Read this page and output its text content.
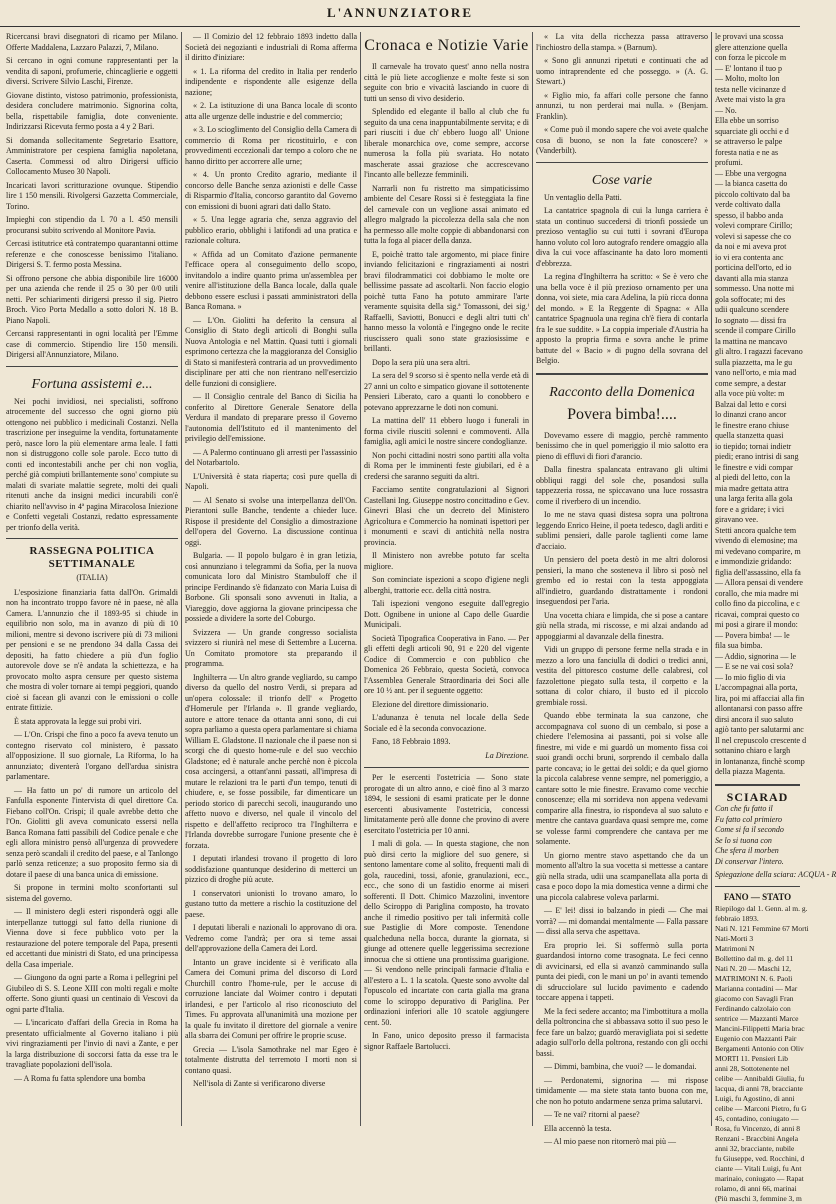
L'ANNUNZIATORE

Ricercansi bravi disegnatori di ricamo per Milano. Offerte Maddalena, Lazzaro Palazzi, 7, Milano.

Si cercano in ogni comune rappresentanti per la vendita di saponi, profumerie, chincaglierie e oggetti diversi. Scrivere Silvio Laschi, Firenze.

Giovane distinto, vistoso patrimonio, professionista, desidera concludere matrimonio. Signorina colta, bella, rispettabile famiglia, dote conveniente. Indirizzarsi Ricevuta fermo posta a 4 y 2 Bari.

Si domanda sollecitamente Segretario Esattore, Amministratore per cespiena famiglia napoletana, Caserta. Commessi od altro Dirigersi ufficio Collocamento Museo 30 Napoli.

Incaricati lavori scritturazione ovunque. Stipendio lire 1 150 mensili. Rivolgersi Gazzetta Commerciale, Torino.

Impieghi con stipendio da l. 70 a l. 450 mensili procuransi subito scrivendo al Monitore Pavia.

Cercasi istitutrice età contratempo quarantanni ottime referenze e che conoscesse benissimo l'italiano. Dirigersi S. T. fermo posta Messina.

Si offrono persone che abbia disponibile lire 16000 per una azienda che rende il 25 o 30 per 0/0 utili netti. Per schiarimenti dirigersi presso il sig. Pietro Broch. Vico Porta Medallo a sotto dolori N. 18 B. Piano Napoli.

Cercansi rappresentanti in ogni località per l'Emme case di commercio. Stipendio lire 150 mensili. Dirigersi all'Annunziatore, Milano.

Fortuna assistemi e...

Nei pochi invidiosi, nei specialisti, soffrono atrocemente del successo che ogni giorno più ottengono nei pubblico i medicinali Costanzi. Nella trascrizione per inseguirne la vendita, fortunatamente però, nasce loro la più elementare arma leale. I fatti non si distruggono colle sole parole. Ecco tutto di conti ed incontestabili anche per chi non voglia, perché già compiuti brillantemente sono' compiute su malati di svariate malattie segrete, molti dei quali ritenuti anche da insigni medici incurabili con'è chiarito nell'avviso in 4ª pagina Miracolosa Iniezione e Confetti vegetali Costanzi, redatto espressamente per trionfo della verità.

RASSEGNA POLITICA SETTIMANALE
(ITALIA)

L'esposizione finanziaria fatta dall'On. Grimaldi non ha incontrato troppo favore nè in paese, nè alla Camera. L'annunzio che il 1893-95 si chiude in equilibrio non solo, ma in avanzo di più di 10 milioni, mentre si devono iscrivere più di 73 milioni per pensioni e se ne prendono 34 dalla Cassa dei depositi, ha fatto chiedere a più d'un foglio autorevole dove se n'è andata la schiettezza, e ha provocato molto aspra censure per questo sistema che mostra di voler tornare ai tempi peggiori, quando cioè si facean gli avanzi con le emissioni o colle entrate fittizie.

È stata approvata la legge sui probi viri.

— L'On. Crispi che fino a poco fa aveva tenuto un contegno riservato col ministero, è passato all'opposizione. Il suo giornale, La Riforma, lo ha annunziato; diventerà l'organo dell'ardua sinistra parlamentare.

— Ha fatto un po' di rumore un articolo del Fanfulla esponente l'intervista di quel direttore Ca. Fiebano coll'On. Crispi; il quale avrebbe detto che l'On. Giolitti gli aveva comunicato essersi nella Banca Romana fatti passibili del Codice penale e che egli allora ministro pensò all'urgenza di provvedere senza però scandali il credito del paese, e al Tanlongo parlò senza reticenze; a suo proposito fermo sia di dotare il paese di una banca unica di emissione.

Si propone in termini molto sconfortanti sul sistema del governo.

— Il ministero degli esteri risponderà oggi alle interpellanze tuttoggi sul fatto della riunione di Vienna dove si fece pubblico voto per la restaurazione del potere temporale del Papa, presenti ed accettanti due ministri di Stato, ed una principessa della Casa imperiale.

— Giungono da ogni parte a Roma i pellegrini pel Giubileo di S. S. Leone XIII con molti regali e molte offerte. Sono giunti quasi un centinaio di Vescovi da ogni parte d'Italia.

— L'incaricato d'affari della Grecia in Roma ha presentato ufficialmente al Governo italiano i più vivi ringraziamenti per l'invio di navi a Zante, e per la larga distribuzione di soccorsi fatta da esse tra le travagliate popolazioni dell'isola.

— A Roma fu fatta splendore una bomba

— Il Comizio del 12 febbraio 1893 indetto dalla Società dei negozianti e industriali di Roma afferma il diritto d'iniziare:

« 1. La riforma del credito in Italia per renderlo indipendente e rispondente alle esigenze della nazione;

« 2. La istituzione di una Banca locale di sconto atta alle urgenze delle industrie e del commercio;

« 3. Lo scioglimento del Consiglio della Camera di commercio di Roma per ricostituirlo, e con provvedimenti eccezionali dar tempo a coloro che ne hanno diritto per accorrere alle urne;

« 4. Un pronto Credito agrario, mediante il concorso delle Banche senza azionisti e delle Casse di Risparmio d'Italia, concorso garantito dal Governo con emissioni di buoni agrari dati dallo Stato.

« 5. Una legge agraria che, senza aggravio del pubblico erario, obblighi i latifondi ad una pratica e razionale coltura.

« Affida ad un Comitato d'azione permanente l'efficace opera al conseguimento dello scopo, invitandolo a indire quanto prima un'assemblea per venire all'istituzione della Banca locale, dalla quale debbono essere esclusi i passati amministratori della Banca Romana. »

— L'On. Giolitti ha deferito la censura al Consiglio di Stato degli articoli di Bonghi sulla Nuova Antologia e nel Mattin. Quasi tutti i giornali esprimono certezza che la maggioranza del Consiglio di Stato si manifesterà contraria ad un provvedimento disciplinare per atti che non rientrano nell'esercizio delle funzioni di consigliere.

— Il Consiglio centrale del Banco di Sicilia ha conferito al Direttore Generale Senatore della Verdura il mandato di preparare presso il Governo l'autonomia dell'Istituto ed il mantenimento del privilegio dell'emissione.

— A Palermo continuano gli arresti per l'assassinio del Notarbartolo.

L'Università è stata riaperta; così pure quella di Napoli.

— Al Senato si svolse una interpellanza dell'On. Pierantoni sulle Banche, tendente a chieder luce. Rispose il presidente del Consiglio a dimostrazione dell'opera del Governo. La discussione continua oggi.

Bulgaria. — Il popolo bulgaro è in gran letizia, così annunziano i telegrammi da Sofia, per la nuova comunicata loro dal Ministro Stambuloff che il principe Ferdinando s'è fidanzato con Maria Luisa di Borbone. Gli sponsali sono avvenuti in Italia, a Viareggio, dove aggiorna la giovane principessa che possiede a dividere la sorte del Coburgo.

Svizzera — Un grande congresso socialista svizzero si riunirà nel mese di Settembre a Lucerna. Un Comitato promotore sta preparando il programma.

Inghilterra — Un altro grande vegliardo, su campo diverso da quello del nostro Verdi, si prepara ad un'opera colossale: il trionfo dell' « Progetto d'Homerule per l'Irlanda ». Il grande vegliardo, autore e attore tenace da ottanta anni sono, di cui sopra parliamo a questa opera parlamentare si chiama William E. Gladstone. Il nazionale che il paese non si scorgi che di questo home-rule e del suo vecchio Gladstone; ed è naturale anche perchè non è piccola cosa accingersi, a ottant'anni passati, all'impresa di mutare le relazioni tra le parti d'un tempo, tenuti di chiudere, e, se fosse possibile, far dimenticare un periodo storico di parecchi secoli, inaugurando uno affetto nuovo e diverso, nel quale il vincolo del rispetto e dell'affetto reciproco tra l'Inghilterra e l'Irlanda dovrebbe surrogare l'unione presente che è forzata.

I deputati irlandesi trovano il progetto di loro soddisfazione quantunque desiderino di metterci un pizzico di droghe più acute.

I conservatori unionisti lo trovano amaro, lo gustano tutto da mettere a rischio la costituzione del paese.

I deputati liberali e nazionali lo approvano di ora. Vedremo come l'andrà; per ora si teme assai dell'approvazione della Camera dei Lord.

Intanto un grave incidente si è verificato alla Camera dei Comuni prima del discorso di Lord Churchill contro l'home-rule, per le accuse di corruzione lanciate dal Woimer contro i deputati irlandesi, e per l'articolo al riso riconosciuto del Times. Fu approvata all'unanimità una mozione per la quale fu invitato il direttore del giornale a venire alla sbarra dei Comuni per offrire le proprie scuse.

Grecia — L'isola Samothrake nel mar Egeo è totalmente distrutta del terremoto I morti non si contano quasi.

Nell'isola di Zante si verificarono diverse

Cronaca e Notizie Varie

Il carnevale ha trovato quest' anno nella nostra città le più liete accoglienze e molte feste si son seguite con brio e vivacità lasciando in cuore di tutti un senso di vivo desiderio.

Splendido ed elegante il ballo al club che fu seguito da una cena inappuntabilmente servita; e di pari riusciti i due ch' ebbero luogo all' Unione liberale monarchica ove, come sempre, accorse numerosa la folla più svariata. Ho notato mascherate assai graziose che accrescevano l'incanto alle bellezze femminili.

Narrarli non fu ristretto ma simpaticissimo ambiente del Cesare Rossi si è festeggiata la fine del carnevale con un veglione assai animato ed allegro malgrado la piccolezza della sala che non ha permesso alle molte coppie di abbandonarsi con tutta la foga al piacer della danza.

E, poichè tratto tale argomento, mi piace finire inviando felicitazioni e ringraziamenti ai nostri bravi filodrammatici coi dobbiamo le molte ore bellissime passate ad ascoltarli. Non faccio elogio poichè tutta Fano ha potuto ammirare l'arte veramente squisita della sig.ª Tomassoni, dei sig.ⁱ Raffaelli, Saviotti, Bonucci e degli altri tutti ch' hanno messo la volontà e l'ingegno onde le recite riuscissero quali sono state graziosissime e brillanti.

Dopo la sera più una sera altri.

La sera del 9 scorso si è spento nella verde età di 27 anni un colto e simpatico giovane il sottotenente Pensieri Liberato, caro a quanti lo conobbero e potevano apprezzarne le doti non comuni.

La mattina dell' 11 ebbero luogo i funerali in forma civile riusciti solenni e commoventi. Alla famiglia, agli amici le nostre sincere condoglianze.

Non pochi cittadini nostri sono partiti alla volta di Roma per le imminenti feste giubilari, ed è a credersi che saranno seguiti da altri.

Facciamo sentite congratulazioni al Signori Castellani Ing. Giuseppe nostro concittadino e Gev. Ginevri Blasi che un decreto del Ministero Agricoltura e Commercio ha nominati ispettori per i monumenti e scavi di antichità nella nostra provincia.

Il Ministero non avrebbe potuto far scelta migliore.

Son cominciate ispezioni a scopo d'igiene negli alberghi, trattorie ecc. della città nostra.

Tali ispezioni vengono eseguite dall'egregio Dott. Ognibene in unione al Capo delle Guardie Municipali.

Società Tipografica Cooperativa in Fano. — Per gli effetti degli articoli 90, 91 e 220 del vigente Codice di Commercio e con pubblico che Domenica 26 Febbraio, questa Società, convoca l'Assemblea Generale Straordinaria dei Soci alle ore 10 ½ ant. per il seguente oggetto:

Elezione del direttore dimissionario.

L'adunanza è tenuta nel locale della Sede Sociale ed è la seconda convocazione.

Fano, 18 Febbraio 1893.

La Direzione.

Per le esercenti l'ostetricia — Sono state prorogate di un altro anno, e cioè fino al 3 marzo 1894, le sessioni di esami praticate per le donne esercenti abusivamente l'ostetricia, concessi limitatamente però alle donne che provino di avere esercitato l'ostetricia per 10 anni.

I mali di gola. — In questa stagione, che non può dirsi certo la migliore del suo genere, si sentono lamentare come al solito, frequenti mali di gola, raucedini, tossi, afonie, granulazioni, ecc., ecc., che sono di un fastidio enorme ai miseri sofferenti. Il Dott. Chimico Mazzolini, inventore dello Sciroppo di Pariglina composto, ha trovato anche il rimedio positivo per tali infermità colle sue Pastiglie di More composte. Tenendone qualcheduna nella bocca, durante la giornata, si giunge ad ottenere quelle leggerissima secrezione innocua che si ottiene una prontissima guarigione. — Si vendono nelle principali farmacie d'Italia e all'estero a L. 1 la scatola. Queste sono avvolte dal l'opuscolo ed incartate con carta gialla ma grana come lo sciroppo depurativo di Pariglina. Per ordinazioni inferiori alle 10 scatole aggiungere cent. 50.

In Fano, unico deposito presso il farmacista signor Raffaele Bartolucci.

« La vita della ricchezza passa attraverso l'inchiostro della stampa. » (Barnum).

« Sono gli annunzi ripetuti e continuati che ad uomo intraprendente ed che posseggo. » (A. G. Stewart.)

« Figlio mio, fa affari colle persone che fanno annunzi, tu non perderai mai nulla. » (Benjam. Franklin).

« Come può il mondo sapere che voi avete qualche cosa di buono, se non la fate conoscere? » (Vanderbilt).

Cose varie

Un ventaglio della Patti.

La cantatrice spagnola di cui la lunga carriera è stata un continuo succedersi di trionfi possiede un prezioso ventaglio su cui tutti i sovrani d'Europa hanno voluto col loro autografo rendere omaggio alla diva la cui voce affascinante ha dato loro momenti d'ebbrezza.

La regina d'Inghilterra ha scritto: « Se è vero che una bella voce è il più prezioso ornamento per una donna, voi siete, mia cara Adelina, la più ricca donna del mondo. » E la Reggente di Spagna: « Alla cantatrice Spagnuola una regina ch'è fiera di contarla fra le sue suddite. » La coppia imperiale d'Austria ha apposto la propria firma e sovra anche le prime battute del « Bacio » di pugno della sovrana del Belgio.

Racconto della Domenica
Povera bimba!....

Dovevamo essere di maggio, perchè rammento benissimo che in quel pomeriggio il mio salotto era pieno di effluvi di fiori d'arancio.

Dalla finestra spalancata entravano gli ultimi obbliqui raggi del sole che, posandosi sulla tappezzeria rossa, ne spiccavano una luce rossastra come il riverbero di un incendio.

Io me ne stava quasi distesa sopra una poltrona leggendo Enrico Heine, il poeta tedesco, dagli arditi e sublimi pensieri, dalle parole taglienti come lame d'acciaio.

Un pensiero del poeta destò in me altri dolorosi pensieri, la mano che sosteneva il libro si posò nel grembo ed io restai con la testa appoggiata all'indietro, guardando distrattamente i rondoni inseguendosi per l'aria.

Una vocetta chiara e limpida, che si pose a cantare giù nella strada, mi riscosse, e mi alzai andando ad appoggiarmi al davanzale della finestra.

Vidi un gruppo di persone ferme nella strada e in mezzo a loro una fanciulla di dodici o tredici anni, vestita del pittoresco costume delle calabresi, col fazzolettone piegato sulla testa, il corpetto e la sottana di color chiaro, il busto ed il piccolo grembiale rossi.

Quando ebbe terminata la sua canzone, che accompagnava col suono di un cembalo, si pose a chiedere l'elemosina ai passanti, poi si volse alle finestre, mi vide e mi guardò un momento fissa coi suoi grandi occhi bruni, sorprendo il cembalo dalla parte concava; io le gettai dei soldi; e da quel giorno la piccola calabrese venne sempre, nel pomeriggio, a cantare sotto le mie finestre. Eravamo come vecchie conoscenze; ella mi sorrideva non appena vedevami comparire alla finestra, io rispondeva al suo saluto e mentre che cantava guardava quasi sempre me, come se volesse farmi comprendere che cantava per me solamente.

Un giorno mentre stavo aspettando che da un momento all'altro la sua vocetta si mettesse a cantare giù nella strada, udii una scampanellata alla porta di casa e poco dopo la mia domestica venne a dirmi che una piccola calabrese voleva parlarmi.

— E' lei! dissi io balzando in piedi — Che mai vorrà? — mi domandai mentalmente — Falla passare — dissi alla serva che aspettava.

Era proprio lei. Si soffermò sulla porta guardandosi intorno come trasognata. Le feci cenno di avvicinarsi, ed ella si avanzò camminando sulla punta dei piedi, con le mani un po' in avanti temendo di sdrucciolare sul lucido pavimento e cadendo toccare appena i tappeti.

Me la feci sedere accanto; ma l'imbottitura a molla della poltroncina che si abbassava sotto il suo peso le fece fare un balzo; guardò meravigliata poi si sedette adagio sull'orlo della poltrona, restando con gli occhi bassi.

— Dimmi, bambina, che vuoi? — le domandai.

— Perdonatemi, signorina — mi rispose timidamente — ma siete stata tanto buona con me, che non ho potuto andarmene senza prima salutarvi.

— Te ne vai? ritorni al paese?

Ella accennò la testa.

— Al mio paese non ritornerò mai più —

le provavi una scossa
glere attenzione quella
con forza le piccole m
— E' lontano il tuo p
— Molto, molto lon
testa nelle vicinanze d
Avete mai visto la gra
— No.
Ella ebbe un sorriso
squarciate gli occhi e d
se attraverso le palpe
foresta natia e ne as
profumi.
— Ebbe una vergogna
— la bianca casetta do
piccolo coltivato dal ba
verde coltivato dalla
spesso, il babbo anda
volevi comprare Cirillo;
volevi si sapesse che co
da noi e mi aveva prot
io vi era contenta anc
porticina dell'orto, ed io
davanti alla mia stanza
sommesso. Una notte mi
gola soffocate; mi des
udii qualcuno scendere
Io sognato — dissi fra
scende il compare Cirillo
la mattina ne mancavo
gli altro. I ragazzi facevano
sulla piazzetta, ma le gu
vano nell'orto, e mia mad
come sempre, a destar
alla voce più volte: m
Balzai dal letto e corsi
lo dinanzi crano ancor
le finestre erano chiuse
quella stanzetta quasi
io tiepido; tornai indietr
piedi; erano intrisi di sang
le finestre e vidi compar
al piedi del letto, con la
mia madre gettata attra
una larga ferita alla gola
fore e a gridare; i vici
giravano vee.
Stetti ancora qualche tem
vivendo di elemosine; ma
mi vedevano comparire, m
e immondizie gridando:
figlia dell'assassino, ella fa
— Allora pensai di vendere
corallo, che mia madre mi
collo fino da piccolina, e c
ricavai, comprai questo co
mi posi a girare il mondo:
— Povera bimba! — le
fila sua bimba.
— Addio, signorina — le
— E se ne vai così sola?
— Io mio figlio di via
L'accompagnai alla porta,
lira, poi mi affacciai alla fin
allontanarsi con passo affre
dirsi ancora il suo saluto
agiò tanto per salutarmi anc
Il nel crepuscolo crescente d
sottanino chiaro e largh
in lontananza, finchè scomp
della piazza Magenta.
SCIARAD
Con che fu fatto il
Fu fatto col primiero
Come si fa il secondo
Se lo si tuona con
Che sfera il morben
Di conservar l'intero.
Spiegazione della sciara: ACQUA - R
FANO — STATO
Riepilogo dal 1. Genn. al m. g.
febbraio 1893.
Nati N. 121 Femmine 67 Morti
Nati-Morti 3
Matrimoni N
Bollettino dal m. g. del 11
Nati N. 20 — Maschi 12,
MATRIMONI N. 6. Paoli
Marianna contadini — Mar
giacomo con Savagli Fran
Ferdinando calzolaio con
sentrice — Mazzanti Marce
Mancini-Filippetti Maria brac
Eugenio con Mazzanti Pair
Bergamenti Antonio con Oliv
MORTI 11. Pensieri Lib
anni 28, Sottotenente nel
celibe — Annibaldi Giulia, fu
lacqua, di anni 78, bracciante
Luigi, fu Agostino, di anni
celibe — Marconi Pietro, fu G
45, contadino, coniugato —
Rosa, fu Vincenzo, di anni 8
Renzani - Braccbini Angela
anni 32, bracciante, nubile
fu Giuseppe, ved. Rocchini, d
ciante — Vitali Luigi, fu Ant
marinaio, coniugato — Rapat
rolamo, di anni 66, marinai
(Più maschi 3, femmine 3, m
